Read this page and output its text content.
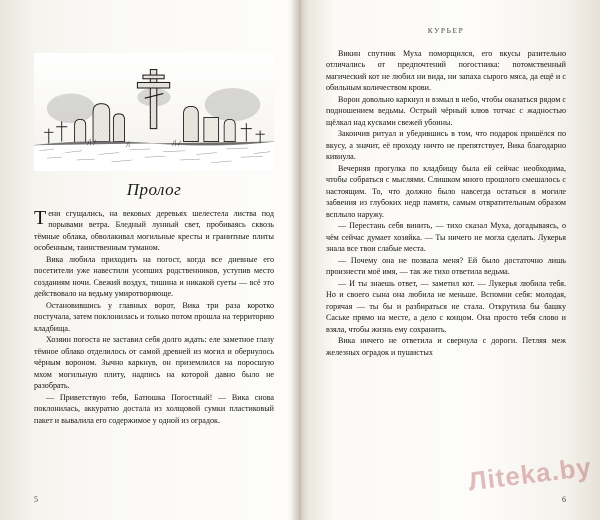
Пролог

Тени сгущались, на вековых деревьях шелестела листва под порывами ветра. Бледный лунный свет, пробиваясь сквозь тёмные облака, обволакивал могильные кресты и гранитные плиты особенным, таинственным туманом.

Вика любила приходить на погост, когда все дневные его посетители уже навестили усопших родственников, уступив место созданиям ночи. Свежий воздух, тишина и никакой суеты — всё это действовало на ведьму умиротворяюще.

Остановившись у главных ворот, Вика три раза коротко постучала, затем поклонилась и только потом прошла на территорию кладбища.

Хозяин погоста не заставил себя долго ждать: еле заметное глазу тёмное облако отделилось от самой древней из могил и обернулось чёрным вороном. Зычно каркнув, он приземлился на поросшую мхом могильную плиту, надпись на которой давно было не разобрать.

— Приветствую тебя, Батюшка Погостный! — Вика снова поклонилась, аккуратно достала из холщовой сумки пластиковый пакет и вывалила его содержимое у одной из оградок.

5
КУРЬЕР

Викин спутник Муха поморщился, его вкусы разительно отличались от предпочтений погостника: потомственный магический кот не любил ни вида, ни запаха сырого мяса, да ещё и с обильным количеством крови.

Ворон довольно каркнул и взмыл в небо, чтобы оказаться рядом с подношением ведьмы. Острый чёрный клюв тотчас с жадностью щёлкал над кусками свежей убоины.

Закончив ритуал и убедившись в том, что подарок пришёлся по вкусу, а значит, её проходу ничто не препятствует, Вика благодарно кивнула.

Вечерняя прогулка по кладбищу была ей сейчас необходима, чтобы собраться с мыслями. Слишком много прошлого смешалось с настоящим. То, что должно было навсегда остаться в могиле забвения из глубоких недр памяти, самым отвратительным образом всплыло наружу.

— Перестань себя винить, — тихо сказал Муха, догадываясь, о чём сейчас думает хозяйка. — Ты ничего не могла сделать. Лукерья знала все твои слабые места.

— Почему она не позвала меня? Ей было достаточно лишь произнести моё имя, — так же тихо ответила ведьма.

— И ты знаешь ответ, — заметил кот. — Лукерья любила тебя. Но и своего сына она любила не меньше. Вспомни себя: молодая, горячая — ты бы и разбираться не стала. Открутила бы башку Саське прямо на месте, а дело с концом. Она просто тебя слово и взяла, чтобы жизнь ему сохранить.

Вика ничего не ответила и свернула с дороги. Петляя меж железных оградок и пушистых

Лiteka.by
6
